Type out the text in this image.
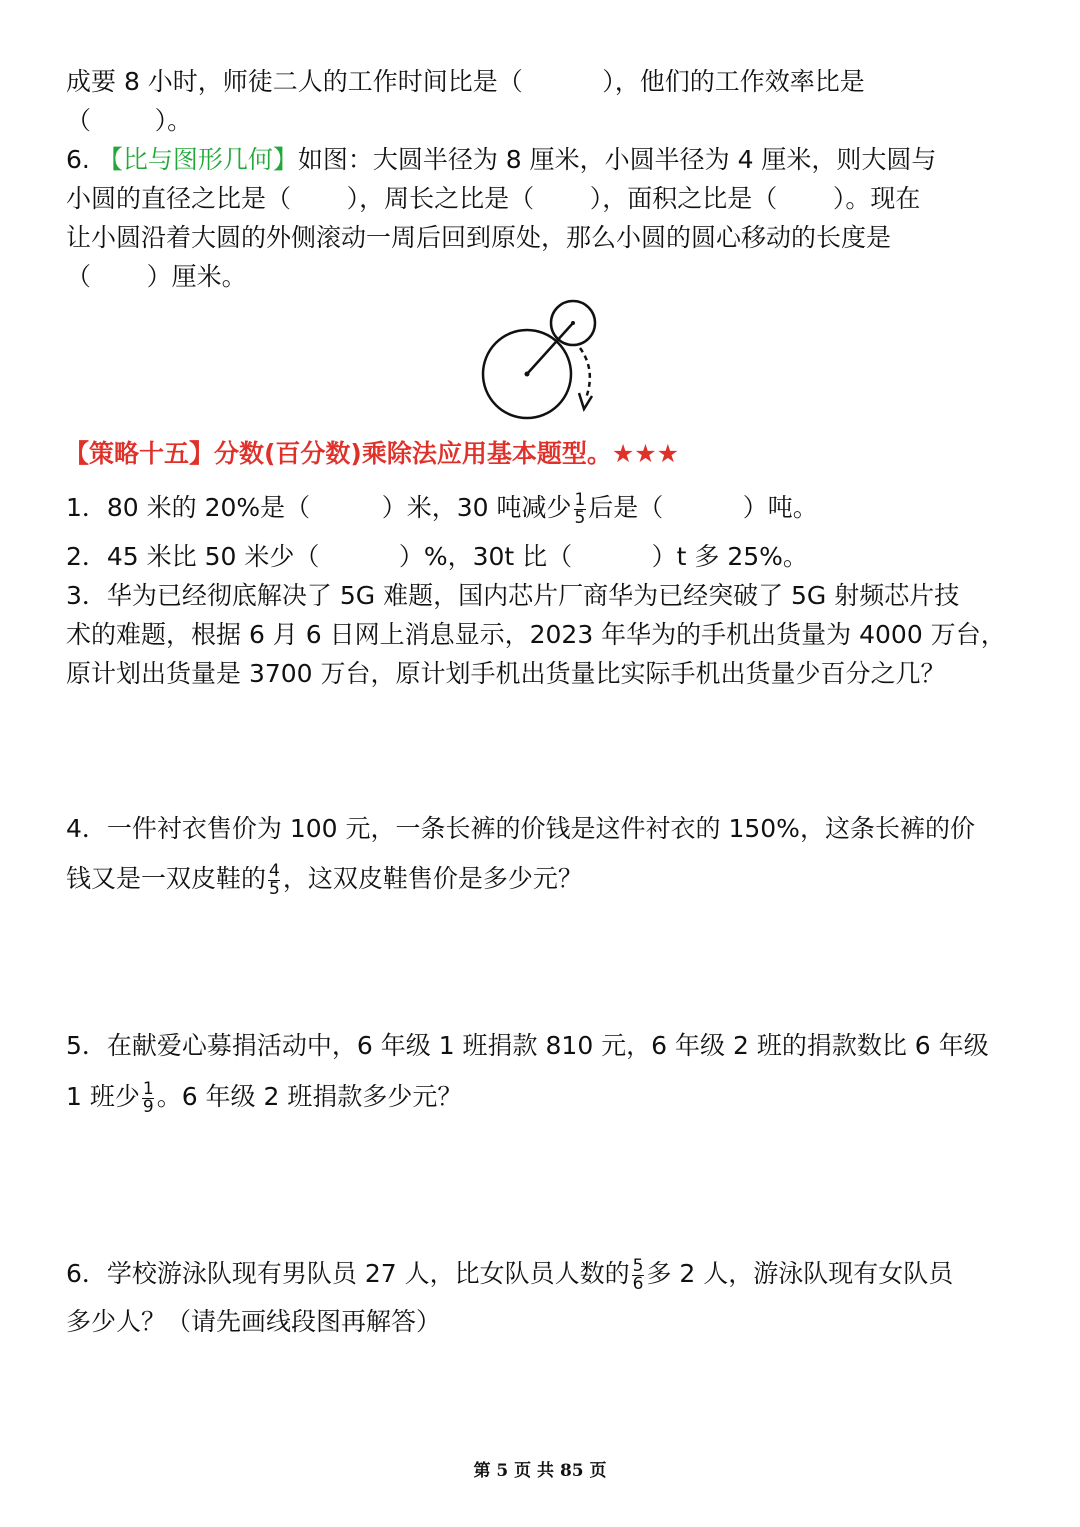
成要 8 小时，师徒二人的工作时间比是（          ），他们的工作效率比是
（        ）。
6. 【比与图形几何】如图：大圆半径为 8 厘米，小圆半径为 4 厘米，则大圆与
小圆的直径之比是（       ），周长之比是（       ），面积之比是（       ）。现在
让小圆沿着大圆的外侧滚动一周后回到原处，那么小圆的圆心移动的长度是
（       ）厘米。
【策略十五】分数(百分数)乘除法应用基本题型。★★★
1．80 米的 20%是（         ）米，30 吨减少 $\frac{1}{5}$ 后是（          ）吨。
2．45 米比 50 米少（          ）%，30t 比（          ）t 多 25%。
3．华为已经彻底解决了 5G 难题，国内芯片厂商华为已经突破了 5G 射频芯片技
术的难题，根据 6 月 6 日网上消息显示，2023 年华为的手机出货量为 4000 万台，
原计划出货量是 3700 万台，原计划手机出货量比实际手机出货量少百分之几？
4．一件衬衣售价为 100 元，一条长裤的价钱是这件衬衣的 150%，这条长裤的价
钱又是一双皮鞋的 $\frac{4}{5}$ ，这双皮鞋售价是多少元？
5．在献爱心募捐活动中，6 年级 1 班捐款 810 元，6 年级 2 班的捐款数比 6 年级
1 班少 $\frac{1}{9}$ 。6 年级 2 班捐款多少元？
6．学校游泳队现有男队员 27 人，比女队员人数的 $\frac{5}{6}$ 多 2 人，游泳队现有女队员
多少人？（请先画线段图再解答）
第 5 页 共 85 页
